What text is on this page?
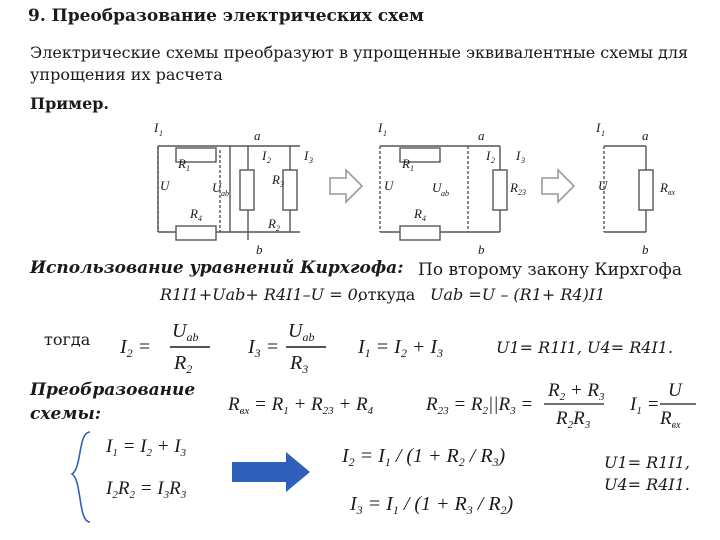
9. Преобразование электрических схем
Электрические схемы преобразуют в упрощенные эквивалентные схемы для упрощения их расчета
Пример.
I 1	a
I 2	I 3
R 1
U	U ab
R 3
R 4	R 2
b
I 1	a
I 2 I 3
R 1
U	U ab	R 23
R 4
b
I 1	a
U	R вх
b
Использование уравнений Кирхгофа: По второму закону Кирхгофа
R1I1+Uab+ R4I1–U = 0,
откуда Uab =U – (R1+ R4)I1
тогда $I_2$ =
$U_{ab}$
$R_2$
$I_3$ =
$U_{ab}$
$R_3$
$I_1 = I_2 + I_3$	U1= R1I1, U4= R4I1.
Преобразование схемы:	$R_{вх} = R_1 + R_{23} + R_4$	$R_{23} = R_2||R_3$ =
$R_2 + R_3$
$R_2R_3$
$I_1$ =
U
$R_{вх}$
$I_1 = I_2 + I_3$
$I_2R_2 = I_3R_3$
$I_2 = I_1 / (1 + R_2 / R_3)$
$I_3 = I_1 / (1 + R_3 / R_2)$
U1= R1I1, U4= R4I1.
